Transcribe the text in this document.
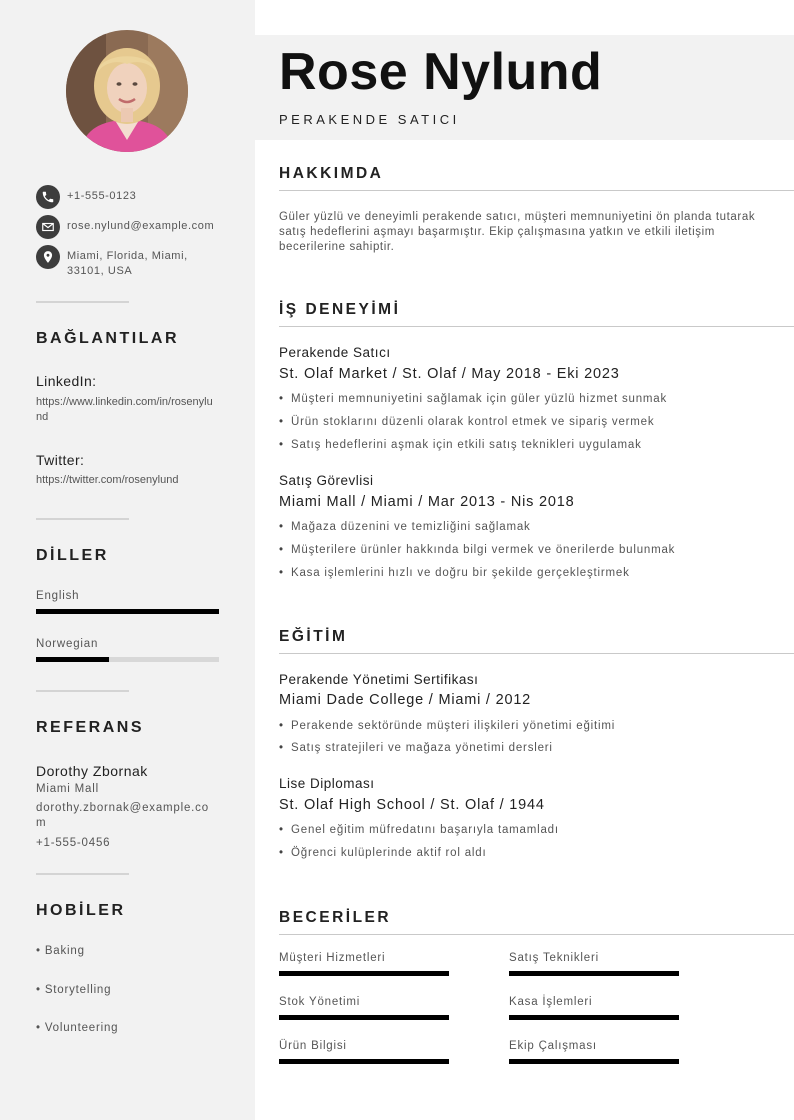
+1-555-0123
rose.nylund@example.com
Miami, Florida, Miami, 33101, USA
BAĞLANTILAR
LinkedIn:
https://www.linkedin.com/in/rosenylund
Twitter:
https://twitter.com/rosenylund
DİLLER
English
Norwegian
REFERANS
Dorothy Zbornak
Miami Mall
dorothy.zbornak@example.com
+1-555-0456
HOBİLER
• Baking
• Storytelling
• Volunteering
Rose Nylund
PERAKENDE SATICI
HAKKIMDA
Güler yüzlü ve deneyimli perakende satıcı, müşteri memnuniyetini ön planda tutarak satış hedeflerini aşmayı başarmıştır. Ekip çalışmasına yatkın ve etkili iletişim becerilerine sahiptir.
İŞ DENEYİMİ
Perakende Satıcı
St. Olaf Market / St. Olaf / May 2018 - Eki 2023
• Müşteri memnuniyetini sağlamak için güler yüzlü hizmet sunmak
• Ürün stoklarını düzenli olarak kontrol etmek ve sipariş vermek
• Satış hedeflerini aşmak için etkili satış teknikleri uygulamak
Satış Görevlisi
Miami Mall / Miami / Mar 2013 - Nis 2018
• Mağaza düzenini ve temizliğini sağlamak
• Müşterilere ürünler hakkında bilgi vermek ve önerilerde bulunmak
• Kasa işlemlerini hızlı ve doğru bir şekilde gerçekleştirmek
EĞİTİM
Perakende Yönetimi Sertifikası
Miami Dade College / Miami / 2012
• Perakende sektöründe müşteri ilişkileri yönetimi eğitimi
• Satış stratejileri ve mağaza yönetimi dersleri
Lise Diploması
St. Olaf High School / St. Olaf / 1944
• Genel eğitim müfredatını başarıyla tamamladı
• Öğrenci kulüplerinde aktif rol aldı
BECERİLER
Müşteri Hizmetleri	Satış Teknikleri
Stok Yönetimi	Kasa İşlemleri
Ürün Bilgisi	Ekip Çalışması
